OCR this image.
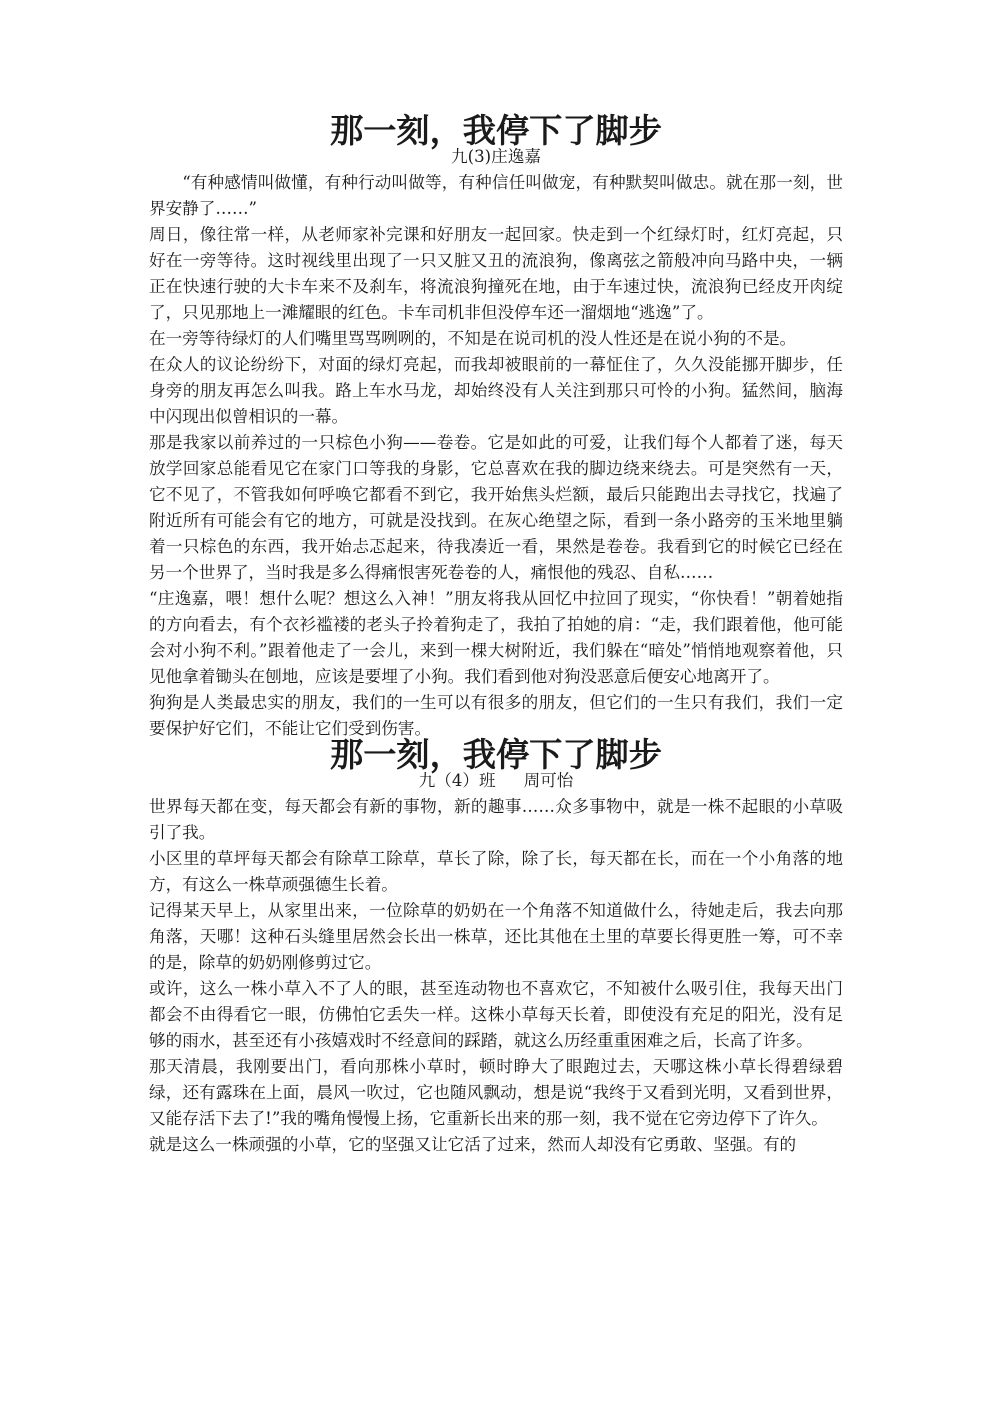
那一刻，我停下了脚步
九(3)庄逸嘉

“有种感情叫做懂，有种行动叫做等，有种信任叫做宠，有种默契叫做忠。就在那一刻，世界安静了……”

周日，像往常一样，从老师家补完课和好朋友一起回家。快走到一个红绿灯时，红灯亮起，只好在一旁等待。这时视线里出现了一只又脏又丑的流浪狗，像离弦之箭般冲向马路中央，一辆正在快速行驶的大卡车来不及刹车，将流浪狗撞死在地，由于车速过快，流浪狗已经皮开肉绽了，只见那地上一滩耀眼的红色。卡车司机非但没停车还一溜烟地“逃逸”了。

在一旁等待绿灯的人们嘴里骂骂咧咧的，不知是在说司机的没人性还是在说小狗的不是。

在众人的议论纷纷下，对面的绿灯亮起，而我却被眼前的一幕怔住了，久久没能挪开脚步，任身旁的朋友再怎么叫我。路上车水马龙，却始终没有人关注到那只可怜的小狗。猛然间，脑海中闪现出似曾相识的一幕。

那是我家以前养过的一只棕色小狗——卷卷。它是如此的可爱，让我们每个人都着了迷，每天放学回家总能看见它在家门口等我的身影，它总喜欢在我的脚边绕来绕去。可是突然有一天，它不见了，不管我如何呼唤它都看不到它，我开始焦头烂额，最后只能跑出去寻找它，找遍了附近所有可能会有它的地方，可就是没找到。在灰心绝望之际，看到一条小路旁的玉米地里躺着一只棕色的东西，我开始忐忑起来，待我凑近一看，果然是卷卷。我看到它的时候它已经在另一个世界了，当时我是多么得痛恨害死卷卷的人，痛恨他的残忍、自私……

“庄逸嘉，喂！想什么呢？想这么入神！”朋友将我从回忆中拉回了现实，“你快看！”朝着她指的方向看去，有个衣衫褴褛的老头子拎着狗走了，我拍了拍她的肩：“走，我们跟着他，他可能会对小狗不利。”跟着他走了一会儿，来到一棵大树附近，我们躲在“暗处”悄悄地观察着他，只见他拿着锄头在刨地，应该是要埋了小狗。我们看到他对狗没恶意后便安心地离开了。

狗狗是人类最忠实的朋友，我们的一生可以有很多的朋友，但它们的一生只有我们，我们一定要保护好它们，不能让它们受到伤害。

那一刻，我停下了脚步
九（4）班 周可怡

世界每天都在变，每天都会有新的事物，新的趣事……众多事物中，就是一株不起眼的小草吸引了我。

小区里的草坪每天都会有除草工除草，草长了除，除了长，每天都在长，而在一个小角落的地方，有这么一株草顽强德生长着。

记得某天早上，从家里出来，一位除草的奶奶在一个角落不知道做什么，待她走后，我去向那角落，天哪！这种石头缝里居然会长出一株草，还比其他在土里的草要长得更胜一筹，可不幸的是，除草的奶奶刚修剪过它。

或许，这么一株小草入不了人的眼，甚至连动物也不喜欢它，不知被什么吸引住，我每天出门都会不由得看它一眼，仿佛怕它丢失一样。这株小草每天长着，即使没有充足的阳光，没有足够的雨水，甚至还有小孩嬉戏时不经意间的踩踏，就这么历经重重困难之后，长高了许多。

那天清晨，我刚要出门，看向那株小草时，顿时睁大了眼跑过去，天哪这株小草长得碧绿碧绿，还有露珠在上面，晨风一吹过，它也随风飘动，想是说“我终于又看到光明，又看到世界，又能存活下去了!”我的嘴角慢慢上扬，它重新长出来的那一刻，我不觉在它旁边停下了许久。

就是这么一株顽强的小草，它的坚强又让它活了过来，然而人却没有它勇敢、坚强。有的
